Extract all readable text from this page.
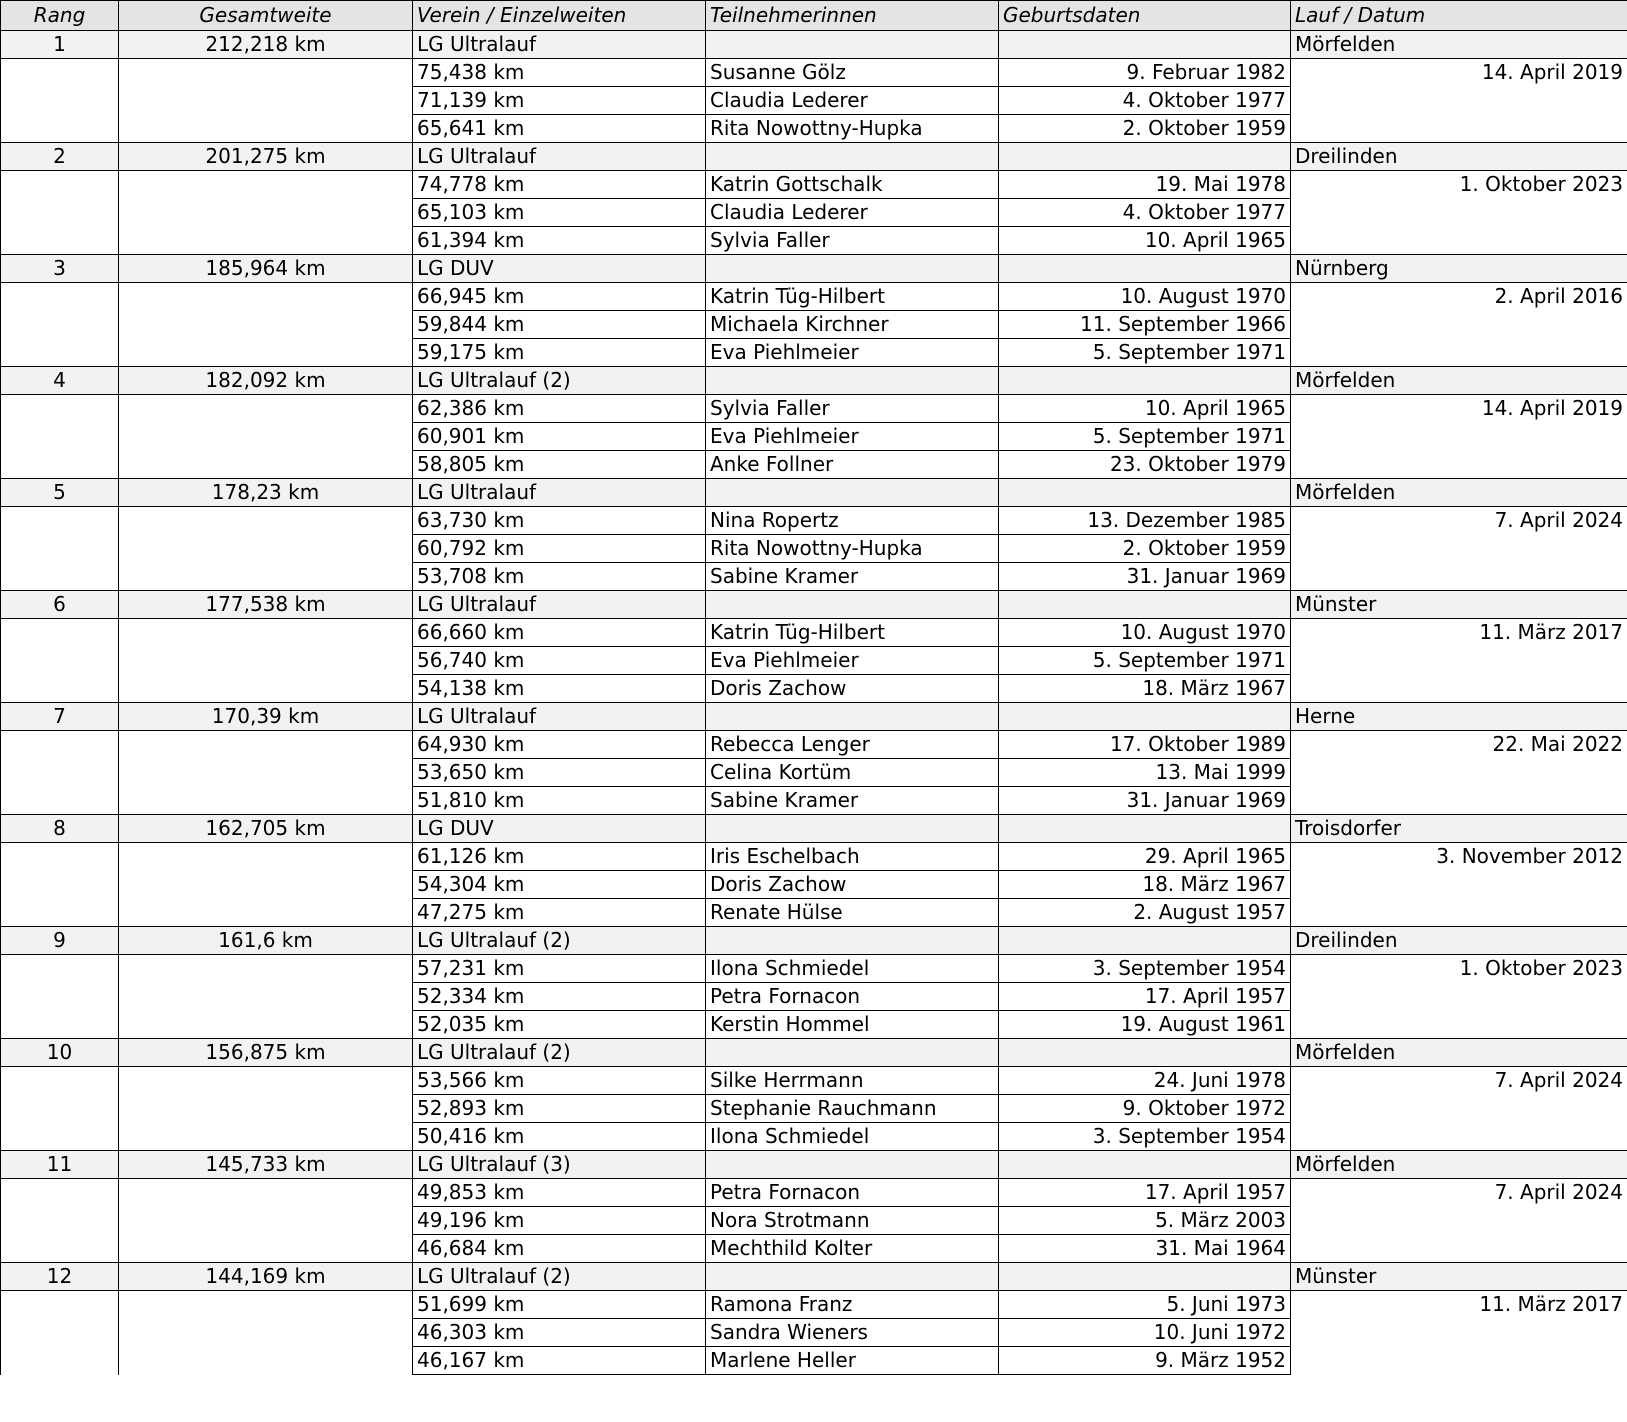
Rang	Gesamtweite	Verein / Einzelweiten	Teilnehmerinnen	Geburtsdaten	Lauf / Datum
1	212,218 km	LG Ultralauf			Mörfelden
		75,438 km	Susanne Gölz	9. Februar 1982	14. April 2019
		71,139 km	Claudia Lederer	4. Oktober 1977	
		65,641 km	Rita Nowottny-Hupka	2. Oktober 1959	
2	201,275 km	LG Ultralauf			Dreilinden
		74,778 km	Katrin Gottschalk	19. Mai 1978	1. Oktober 2023
		65,103 km	Claudia Lederer	4. Oktober 1977	
		61,394 km	Sylvia Faller	10. April 1965	
3	185,964 km	LG DUV			Nürnberg
		66,945 km	Katrin Tüg-Hilbert	10. August 1970	2. April 2016
		59,844 km	Michaela Kirchner	11. September 1966	
		59,175 km	Eva Piehlmeier	5. September 1971	
4	182,092 km	LG Ultralauf (2)			Mörfelden
		62,386 km	Sylvia Faller	10. April 1965	14. April 2019
		60,901 km	Eva Piehlmeier	5. September 1971	
		58,805 km	Anke Follner	23. Oktober 1979	
5	178,23 km	LG Ultralauf			Mörfelden
		63,730 km	Nina Ropertz	13. Dezember 1985	7. April 2024
		60,792 km	Rita Nowottny-Hupka	2. Oktober 1959	
		53,708 km	Sabine Kramer	31. Januar 1969	
6	177,538 km	LG Ultralauf			Münster
		66,660 km	Katrin Tüg-Hilbert	10. August 1970	11. März 2017
		56,740 km	Eva Piehlmeier	5. September 1971	
		54,138 km	Doris Zachow	18. März 1967	
7	170,39 km	LG Ultralauf			Herne
		64,930 km	Rebecca Lenger	17. Oktober 1989	22. Mai 2022
		53,650 km	Celina Kortüm	13. Mai 1999	
		51,810 km	Sabine Kramer	31. Januar 1969	
8	162,705 km	LG DUV			Troisdorfer
		61,126 km	Iris Eschelbach	29. April 1965	3. November 2012
		54,304 km	Doris Zachow	18. März 1967	
		47,275 km	Renate Hülse	2. August 1957	
9	161,6 km	LG Ultralauf (2)			Dreilinden
		57,231 km	Ilona Schmiedel	3. September 1954	1. Oktober 2023
		52,334 km	Petra Fornacon	17. April 1957	
		52,035 km	Kerstin Hommel	19. August 1961	
10	156,875 km	LG Ultralauf (2)			Mörfelden
		53,566 km	Silke Herrmann	24. Juni 1978	7. April 2024
		52,893 km	Stephanie Rauchmann	9. Oktober 1972	
		50,416 km	Ilona Schmiedel	3. September 1954	
11	145,733 km	LG Ultralauf (3)			Mörfelden
		49,853 km	Petra Fornacon	17. April 1957	7. April 2024
		49,196 km	Nora Strotmann	5. März 2003	
		46,684 km	Mechthild Kolter	31. Mai 1964	
12	144,169 km	LG Ultralauf (2)			Münster
		51,699 km	Ramona Franz	5. Juni 1973	11. März 2017
		46,303 km	Sandra Wieners	10. Juni 1972	
		46,167 km	Marlene Heller	9. März 1952	
